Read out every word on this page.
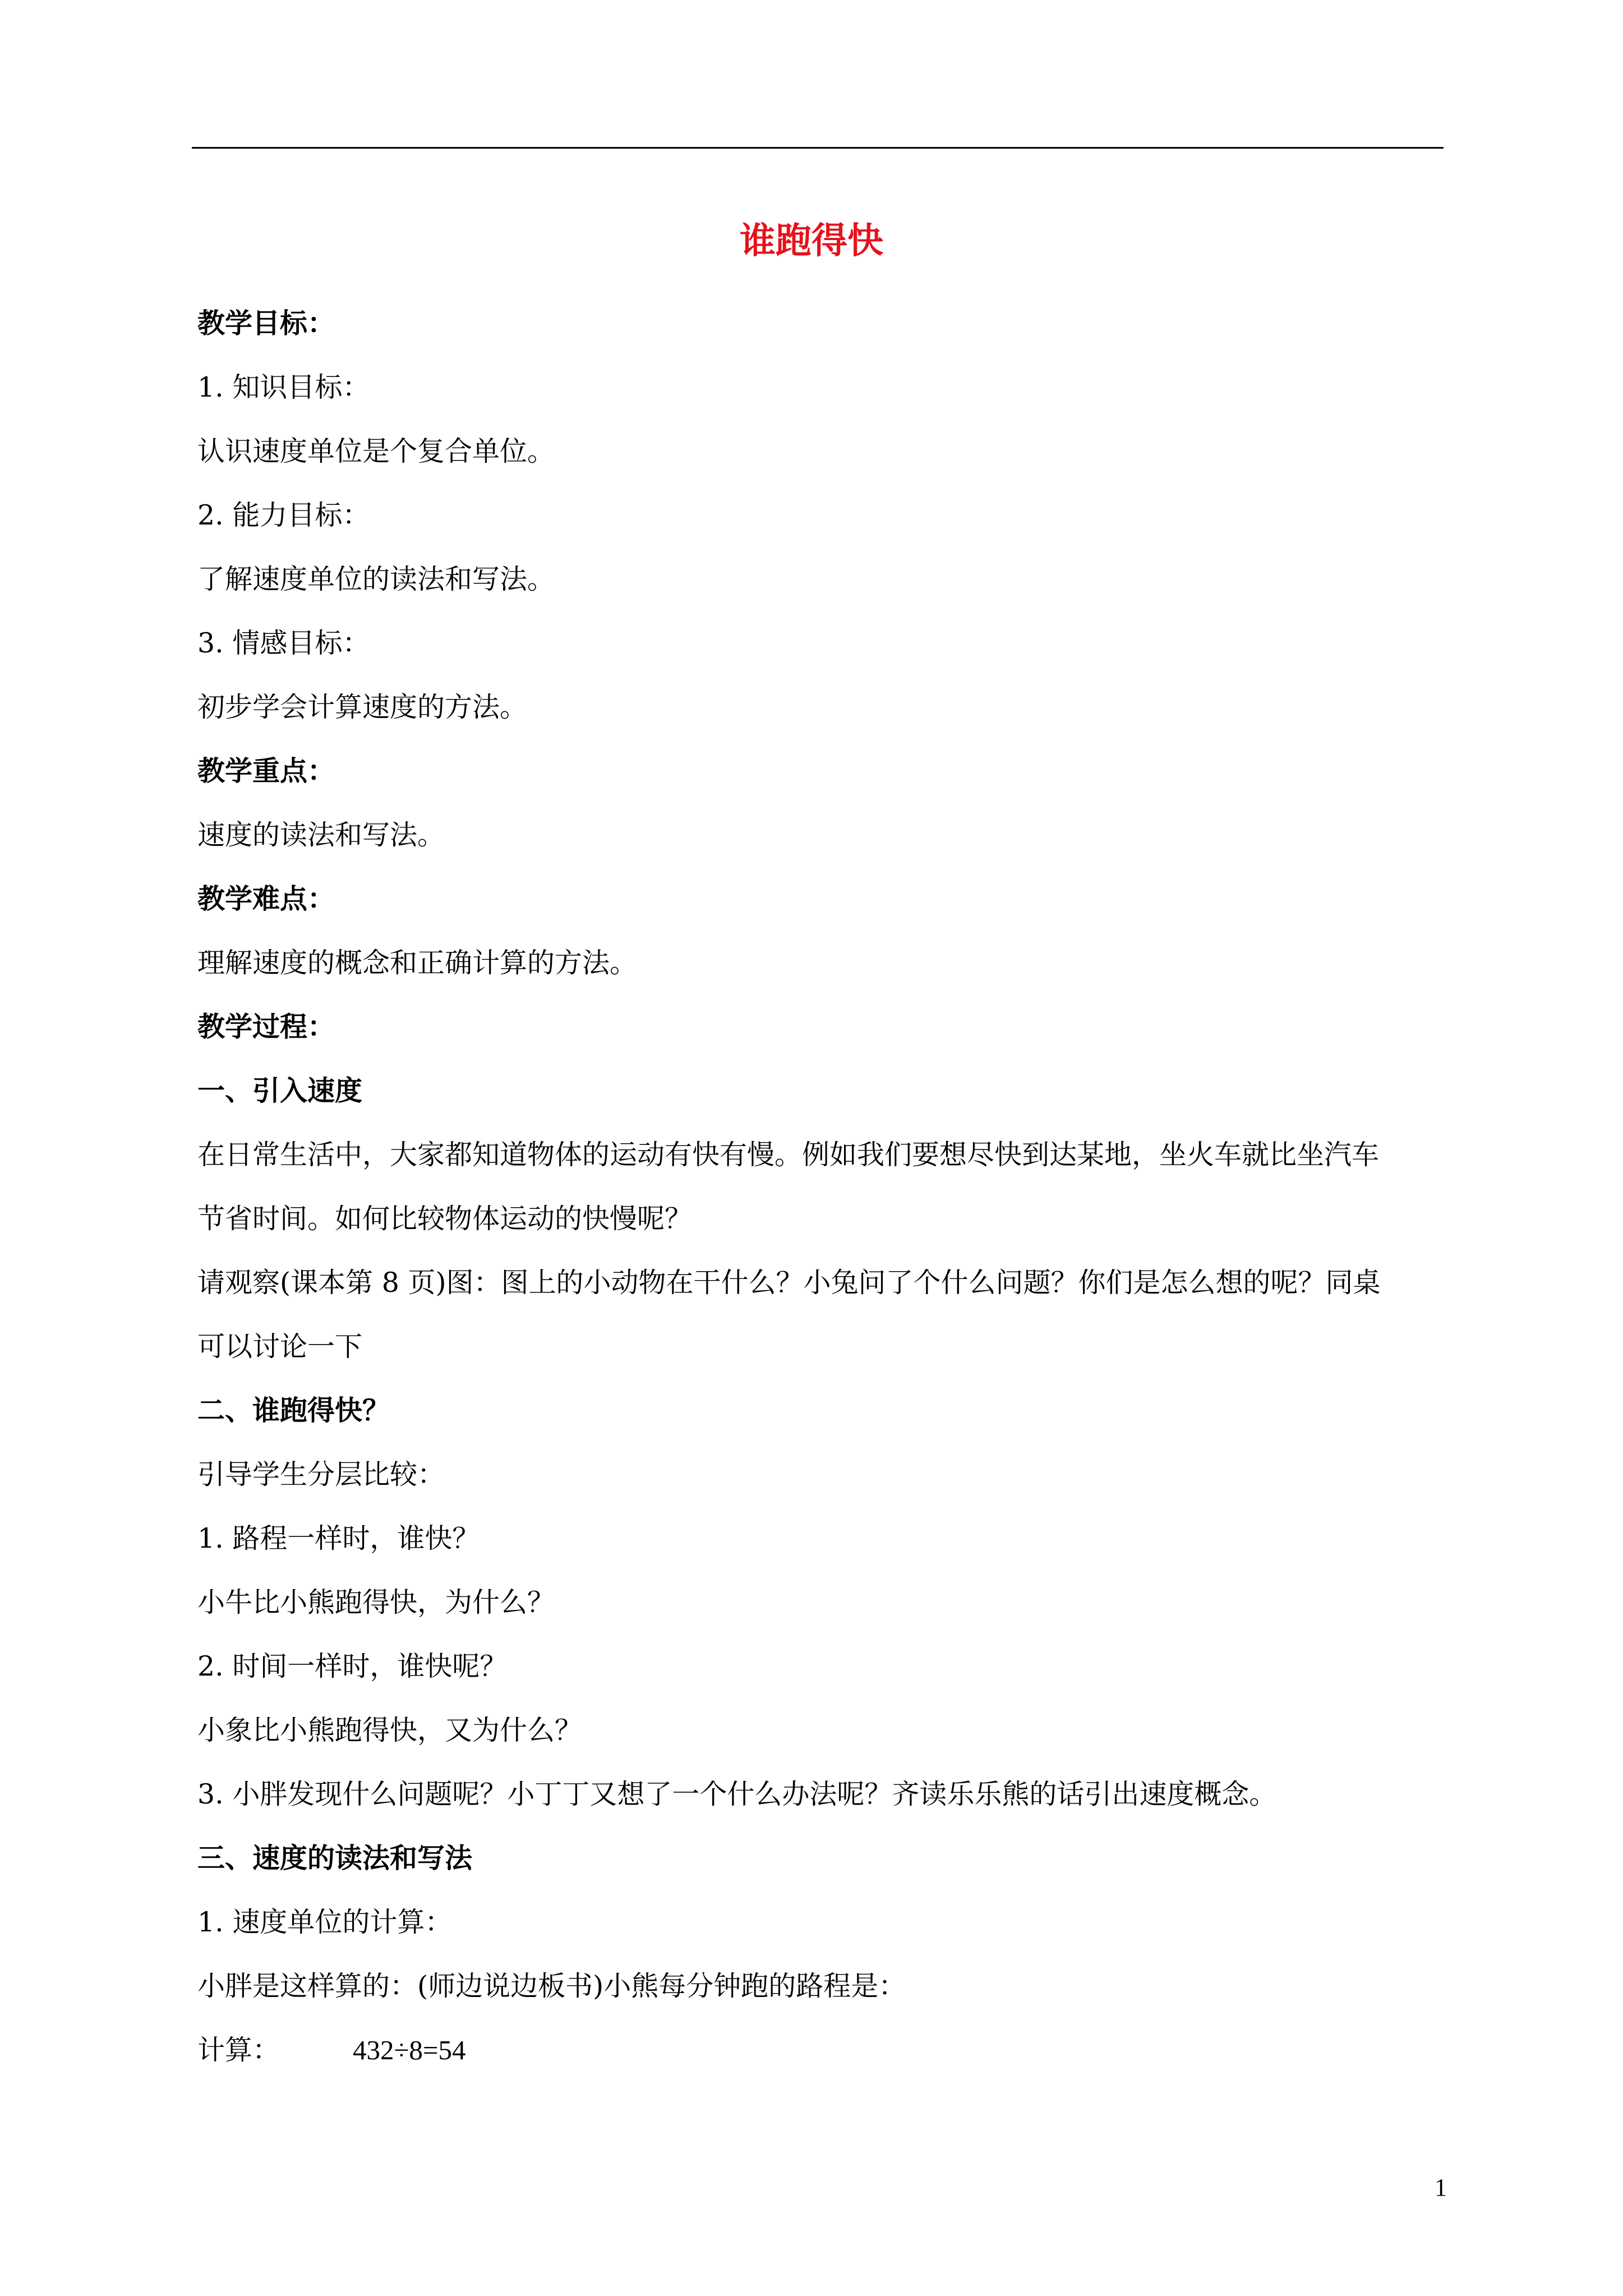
谁跑得快
教学目标：
1. 知识目标：
认识速度单位是个复合单位。
2. 能力目标：
了解速度单位的读法和写法。
3. 情感目标：
初步学会计算速度的方法。
教学重点：
速度的读法和写法。
教学难点：
理解速度的概念和正确计算的方法。
教学过程：
一、引入速度
在日常生活中，大家都知道物体的运动有快有慢。例如我们要想尽快到达某地，坐火车就比坐汽车
节省时间。如何比较物体运动的快慢呢？
请观察(课本第 8 页)图：图上的小动物在干什么？小兔问了个什么问题？你们是怎么想的呢？同桌
可以讨论一下
二、谁跑得快？
引导学生分层比较：
1. 路程一样时，谁快？
小牛比小熊跑得快，为什么？
2. 时间一样时，谁快呢？
小象比小熊跑得快，又为什么？
3. 小胖发现什么问题呢？小丁丁又想了一个什么办法呢？齐读乐乐熊的话引出速度概念。
三、速度的读法和写法
1. 速度单位的计算：
小胖是这样算的：(师边说边板书)小熊每分钟跑的路程是：
计算：	432÷8=54
1
